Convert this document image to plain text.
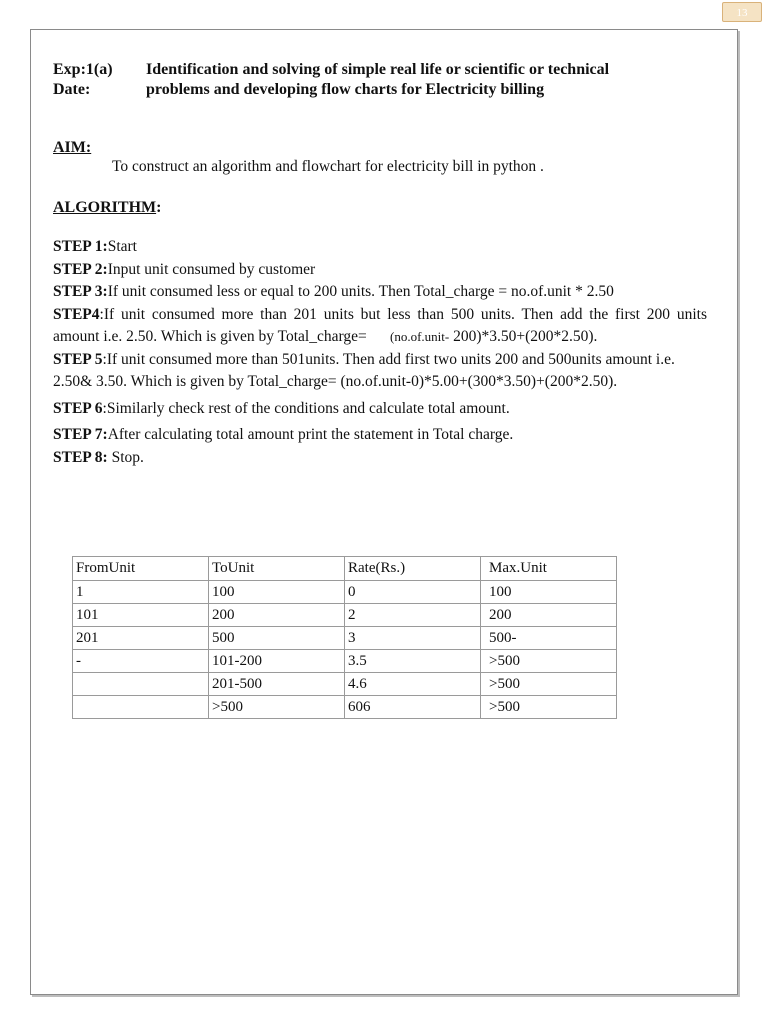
13
Exp:1(a)	Identification and solving of simple real life or scientific or technical
Date:	problems and developing flow charts for Electricity billing
AIM:
To construct an algorithm and flowchart for electricity bill in python .
ALGORITHM:

STEP 1:Start

STEP 2:Input unit consumed by customer

STEP 3:If unit consumed less or equal to 200 units. Then Total_charge = no.of.unit * 2.50

STEP4:If unit consumed more than 201 units but less than 500 units. Then add the first 200 units amount i.e. 2.50. Which is given by Total_charge= (no.of.unit- 200)*3.50+(200*2.50).

STEP 5:If unit consumed more than 501units. Then add first two units 200 and 500units amount i.e. 2.50& 3.50. Which is given by Total_charge= (no.of.unit-0)*5.00+(300*3.50)+(200*2.50).

STEP 6:Similarly check rest of the conditions and calculate total amount.

STEP 7:After calculating total amount print the statement in Total charge.

STEP 8: Stop.

FromUnit	ToUnit	Rate(Rs.)	Max.Unit
1	100	0	100
101	200	2	200
201	500	3	500-
-	101-200	3.5	>500
	201-500	4.6	>500
	>500	606	>500
